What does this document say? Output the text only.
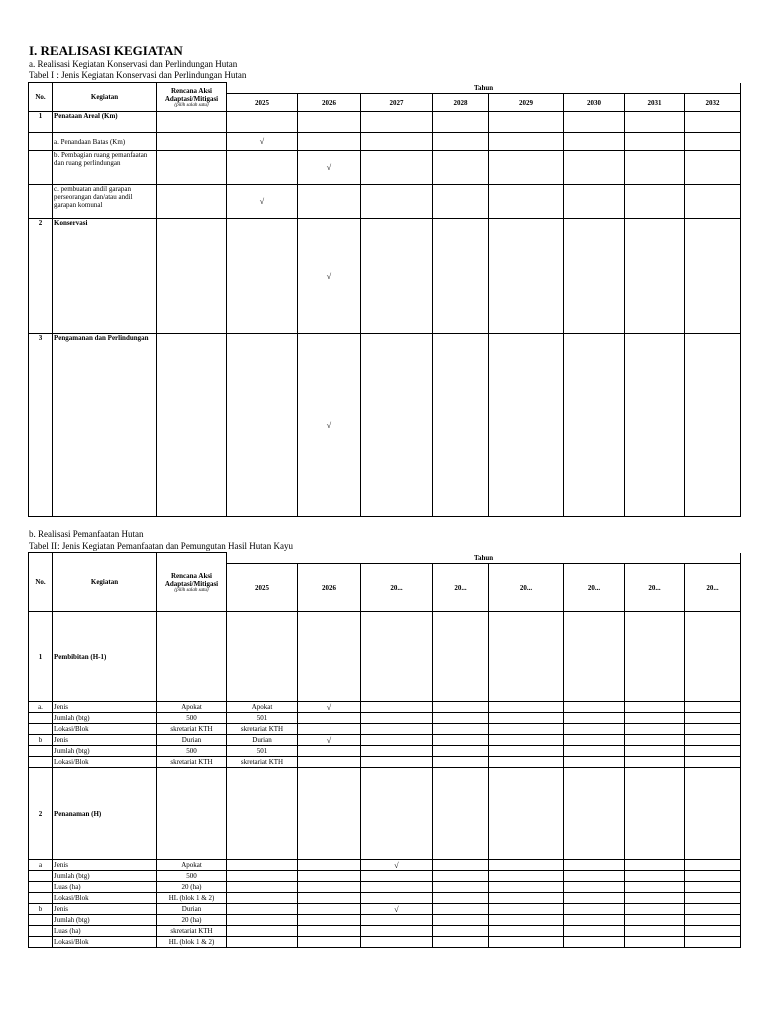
I. REALISASI KEGIATAN
a. Realisasi Kegiatan Konservasi dan Perlindungan Hutan
Tabel I : Jenis Kegiatan Konservasi dan Perlindungan Hutan
No.	Kegiatan	Rencana Aksi Adaptasi/Mitigasi
(pilih salah satu)	Tahun							
			2025	2026	2027	2028	2029	2030	2031	2032
1	Penataan Areal (Km)									
	a. Penandaan Batas (Km)		√							
	b. Pembagian ruang pemanfaatan dan ruang perlindungan			√						
	c. pembuatan andil garapan perseorangan dan/atau andil garapan komunal		√							
2	Konservasi			√						
3	Pengamanan dan Perlindungan			√						
b. Realisasi Pemanfaatan Hutan
Tabel II: Jenis Kegiatan Pemanfaatan dan Pemungutan Hasil Hutan Kayu
No.	Kegiatan	Rencana Aksi Adaptasi/Mitigasi
(pilih salah satu)	Tahun							
			2025	2026	20...	20...	20...	20...	20...	20...
1	Pembibitan (H-1)									
a.	Jenis	Apokat	Apokat	√						
	Jumlah (btg)	500	501							
	Lokasi/Blok	skretariat KTH	skretariat KTH							
b	Jenis	Durian	Durian	√						
	Jumlah (btg)	500	501							
	Lokasi/Blok	skretariat KTH	skretariat KTH							
2	Penanaman (H)									
a	Jenis	Apokat			√					
	Jumlah (btg)	500								
	Luas (ha)	20 (ha)								
	Lokasi/Blok	HL (blok 1 & 2)								
b	Jenis	Durian			√					
	Jumlah (btg)	20 (ha)								
	Luas (ha)	skretariat KTH								
	Lokasi/Blok	HL (blok 1 & 2)								
